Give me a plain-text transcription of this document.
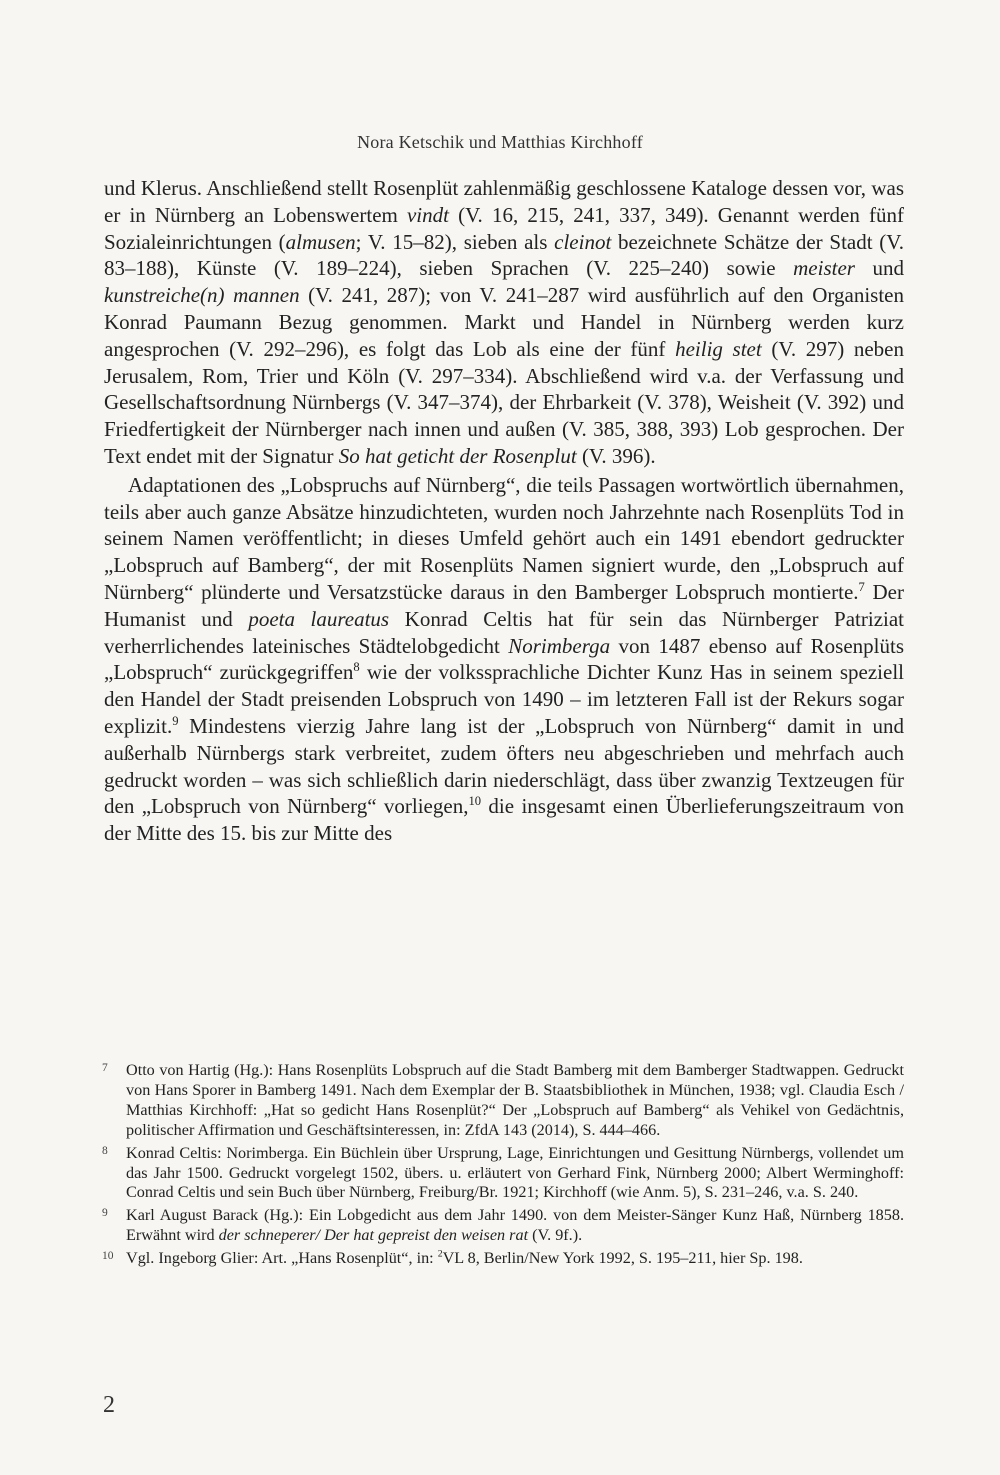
Nora Ketschik und Matthias Kirchhoff

und Klerus. Anschließend stellt Rosenplüt zahlenmäßig geschlossene Kataloge dessen vor, was er in Nürnberg an Lobenswertem vindt (V. 16, 215, 241, 337, 349). Genannt werden fünf Sozialeinrichtungen (almusen; V. 15–82), sieben als cleinot bezeichnete Schätze der Stadt (V. 83–188), Künste (V. 189–224), sieben Sprachen (V. 225–240) sowie meister und kunstreiche(n) mannen (V. 241, 287); von V. 241–287 wird ausführlich auf den Organisten Konrad Paumann Bezug genommen. Markt und Handel in Nürnberg werden kurz angesprochen (V. 292–296), es folgt das Lob als eine der fünf heilig stet (V. 297) neben Jerusalem, Rom, Trier und Köln (V. 297–334). Abschließend wird v.a. der Verfassung und Gesellschaftsordnung Nürnbergs (V. 347–374), der Ehrbarkeit (V. 378), Weisheit (V. 392) und Friedfertigkeit der Nürnberger nach innen und außen (V. 385, 388, 393) Lob gesprochen. Der Text endet mit der Signatur So hat geticht der Rosenplut (V. 396).

Adaptationen des „Lobspruchs auf Nürnberg“, die teils Passagen wortwörtlich übernahmen, teils aber auch ganze Absätze hinzudichteten, wurden noch Jahrzehnte nach Rosenplüts Tod in seinem Namen veröffentlicht; in dieses Umfeld gehört auch ein 1491 ebendort gedruckter „Lobspruch auf Bamberg“, der mit Rosenplüts Namen signiert wurde, den „Lobspruch auf Nürnberg“ plünderte und Versatzstücke daraus in den Bamberger Lobspruch montierte.$^7$ Der Humanist und poeta laureatus Konrad Celtis hat für sein das Nürnberger Patriziat verherrlichendes lateinisches Städtelobgedicht Norimberga von 1487 ebenso auf Rosenplüts „Lobspruch“ zurückgegriffen$^8$ wie der volkssprachliche Dichter Kunz Has in seinem speziell den Handel der Stadt preisenden Lobspruch von 1490 – im letzteren Fall ist der Rekurs sogar explizit.$^9$ Mindestens vierzig Jahre lang ist der „Lobspruch von Nürnberg“ damit in und außerhalb Nürnbergs stark verbreitet, zudem öfters neu abgeschrieben und mehrfach auch gedruckt worden – was sich schließlich darin niederschlägt, dass über zwanzig Textzeugen für den „Lobspruch von Nürnberg“ vorliegen,$^{10}$ die insgesamt einen Überlieferungszeitraum von der Mitte des 15. bis zur Mitte des

7 Otto von Hartig (Hg.): Hans Rosenplüts Lobspruch auf die Stadt Bamberg mit dem Bamberger Stadtwappen. Gedruckt von Hans Sporer in Bamberg 1491. Nach dem Exemplar der B. Staatsbibliothek in München, 1938; vgl. Claudia Esch / Matthias Kirchhoff: „Hat so gedicht Hans Rosenplüt?“ Der „Lobspruch auf Bamberg“ als Vehikel von Gedächtnis, politischer Affirmation und Geschäftsinteressen, in: ZfdA 143 (2014), S. 444–466.
8 Konrad Celtis: Norimberga. Ein Büchlein über Ursprung, Lage, Einrichtungen und Gesittung Nürnbergs, vollendet um das Jahr 1500. Gedruckt vorgelegt 1502, übers. u. erläutert von Gerhard Fink, Nürnberg 2000; Albert Werminghoff: Conrad Celtis und sein Buch über Nürnberg, Freiburg/Br. 1921; Kirchhoff (wie Anm. 5), S. 231–246, v.a. S. 240.
9 Karl August Barack (Hg.): Ein Lobgedicht aus dem Jahr 1490. von dem Meister-Sänger Kunz Haß, Nürnberg 1858. Erwähnt wird der schneperer/ Der hat gepreist den weisen rat (V. 9f.).
10 Vgl. Ingeborg Glier: Art. „Hans Rosenplüt“, in: $^2$VL 8, Berlin/New York 1992, S. 195–211, hier Sp. 198.
2
